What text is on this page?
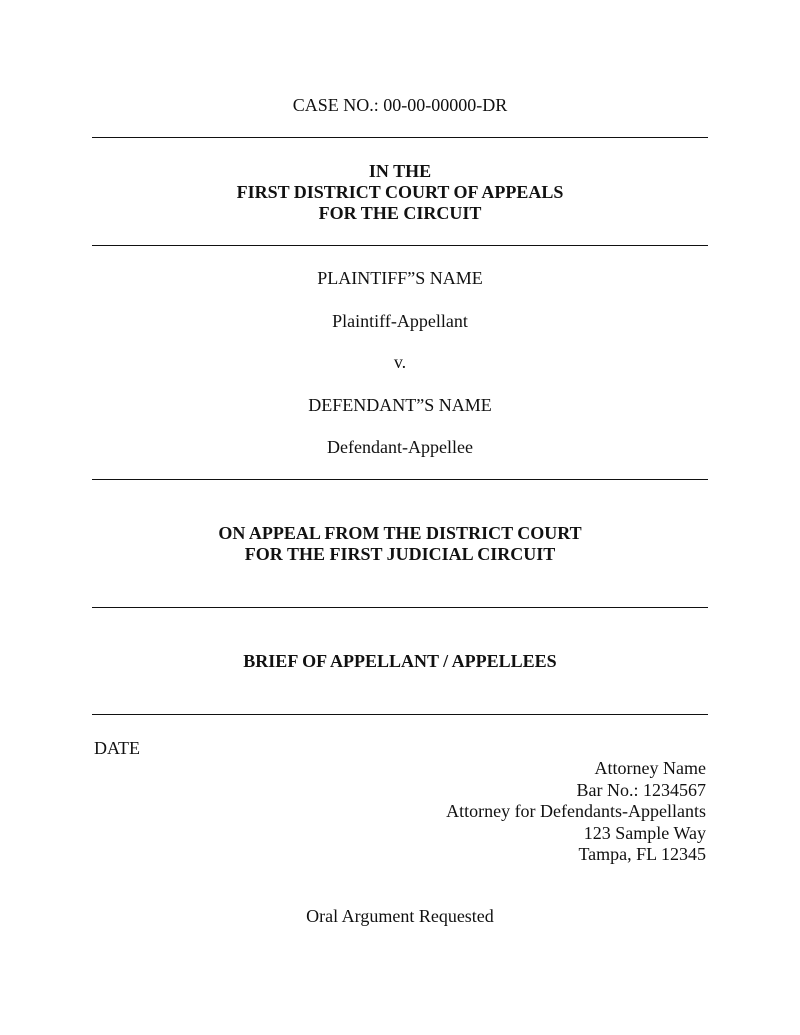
CASE NO.: 00-00-00000-DR
IN THE
FIRST DISTRICT COURT OF APPEALS
FOR THE CIRCUIT
PLAINTIFF”S NAME
Plaintiff-Appellant
v.
DEFENDANT”S NAME
Defendant-Appellee
ON APPEAL FROM THE DISTRICT COURT
FOR THE FIRST JUDICIAL CIRCUIT
BRIEF OF APPELLANT / APPELLEES
DATE
Attorney Name
Bar No.: 1234567
Attorney for Defendants-Appellants
123 Sample Way
Tampa, FL 12345
Oral Argument Requested
